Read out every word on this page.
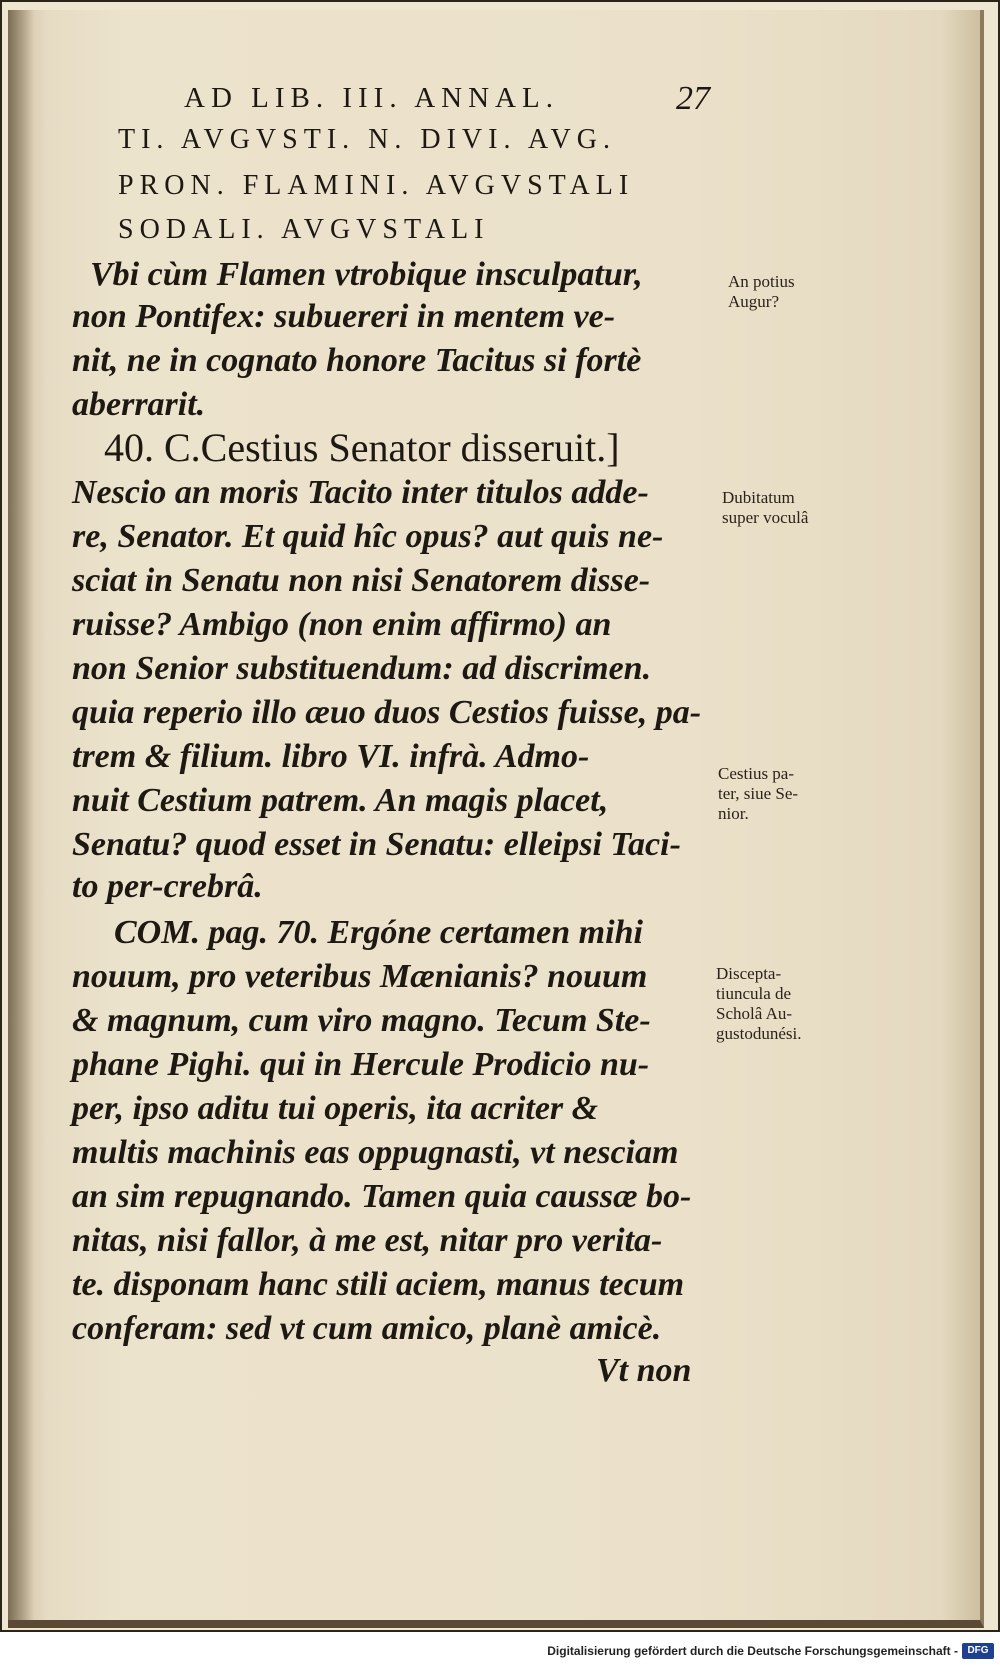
AD LIB. III. ANNAL.	27
TI. AVGVSTI. N. DIVI. AVG.
PRON. FLAMINI. AVGVSTALI
SODALI. AVGVSTALI
Vbi cùm Flamen vtrobique insculpatur,
non Pontifex: subuereri in mentem ve-
nit, ne in cognato honore Tacitus si fortè
aberrarit.
40. C.Cestius Senator disseruit.]
Nescio an moris Tacito inter titulos adde-
re, Senator. Et quid hîc opus? aut quis ne-
sciat in Senatu non nisi Senatorem disse-
ruisse? Ambigo (non enim affirmo) an
non Senior substituendum: ad discrimen.
quia reperio illo æuo duos Cestios fuisse, pa-
trem & filium. libro VI. infrà. Admo-
nuit Cestium patrem. An magis placet,
Senatu? quod esset in Senatu: elleipsi Taci-
to per-crebrâ.
COM. pag. 70. Ergóne certamen mihi
nouum, pro veteribus Mænianis? nouum
& magnum, cum viro magno. Tecum Ste-
phane Pighi. qui in Hercule Prodicio nu-
per, ipso aditu tui operis, ita acriter &
multis machinis eas oppugnasti, vt nesciam
an sim repugnando. Tamen quia caussæ bo-
nitas, nisi fallor, à me est, nitar pro verita-
te. disponam hanc stili aciem, manus tecum
conferam: sed vt cum amico, planè amicè.
Vt non
An potius
Augur?
Dubitatum
super voculâ
Cestius pa-
ter, siue Se-
nior.
Discepta-
tiuncula de
Scholâ Au-
gustodunési.
Digitalisierung gefördert durch die Deutsche Forschungsgemeinschaft - DFG
